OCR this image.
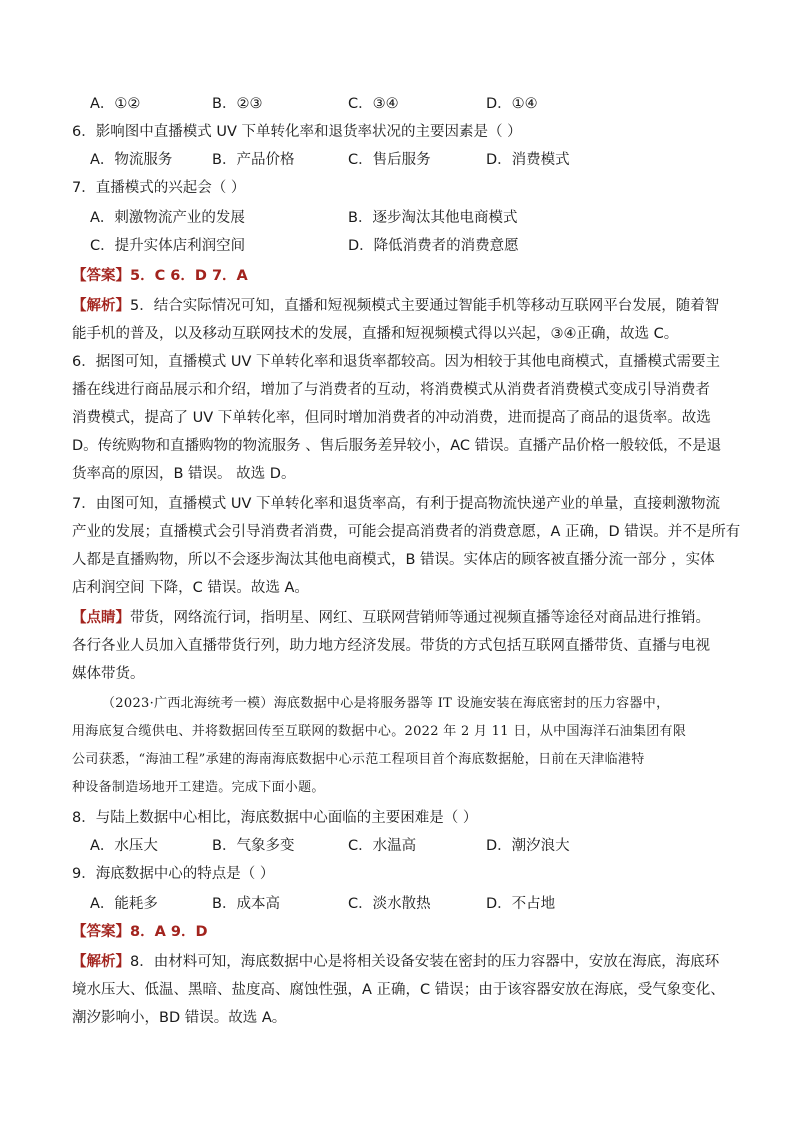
A．①②	B．②③	C．③④	D．①④

6．影响图中直播模式 UV 下单转化率和退货率状况的主要因素是（ ）

A．物流服务	B．产品价格	C．售后服务	D．消费模式

7．直播模式的兴起会（ ）

A．刺激物流产业的发展	B．逐步淘汰其他电商模式
C．提升实体店利润空间	D．降低消费者的消费意愿

【答案】5．C 6．D 7．A

【解析】5．结合实际情况可知，直播和短视频模式主要通过智能手机等移动互联网平台发展，随着智

能手机的普及，以及移动互联网技术的发展，直播和短视频模式得以兴起，③④正确，故选 C。

6．据图可知，直播模式 UV 下单转化率和退货率都较高。因为相较于其他电商模式，直播模式需要主

播在线进行商品展示和介绍，增加了与消费者的互动，将消费模式从消费者消费模式变成引导消费者

消费模式，提高了 UV 下单转化率，但同时增加消费者的冲动消费，进而提高了商品的退货率。故选

D。传统购物和直播购物的物流服务 、售后服务差异较小，AC 错误。直播产品价格一般较低，不是退

货率高的原因，B 错误。 故选 D。

7．由图可知，直播模式 UV 下单转化率和退货率高，有利于提高物流快递产业的单量，直接刺激物流

产业的发展；直播模式会引导消费者消费，可能会提高消费者的消费意愿，A 正确，D 错误。并不是所有

人都是直播购物，所以不会逐步淘汰其他电商模式，B 错误。实体店的顾客被直播分流一部分 ，实体

店利润空间 下降，C 错误。故选 A。

【点睛】带货，网络流行词，指明星、网红、互联网营销师等通过视频直播等途径对商品进行推销。

各行各业人员加入直播带货行列，助力地方经济发展。带货的方式包括互联网直播带货、直播与电视

媒体带货。

（2023·广西北海统考一模）海底数据中心是将服务器等 IT 设施安装在海底密封的压力容器中，

用海底复合缆供电、并将数据回传至互联网的数据中心。2022 年 2 月 11 日，从中国海洋石油集团有限

公司获悉，“海油工程”承建的海南海底数据中心示范工程项目首个海底数据舱，日前在天津临港特

种设备制造场地开工建造。完成下面小题。

8．与陆上数据中心相比，海底数据中心面临的主要困难是（ ）

A．水压大	B．气象多变	C．水温高	D．潮汐浪大

9．海底数据中心的特点是（ ）

A．能耗多	B．成本高	C．淡水散热	D．不占地

【答案】8．A 9．D

【解析】8．由材料可知，海底数据中心是将相关设备安装在密封的压力容器中，安放在海底，海底环

境水压大、低温、黑暗、盐度高、腐蚀性强，A 正确，C 错误；由于该容器安放在海底，受气象变化、

潮汐影响小，BD 错误。故选 A。
